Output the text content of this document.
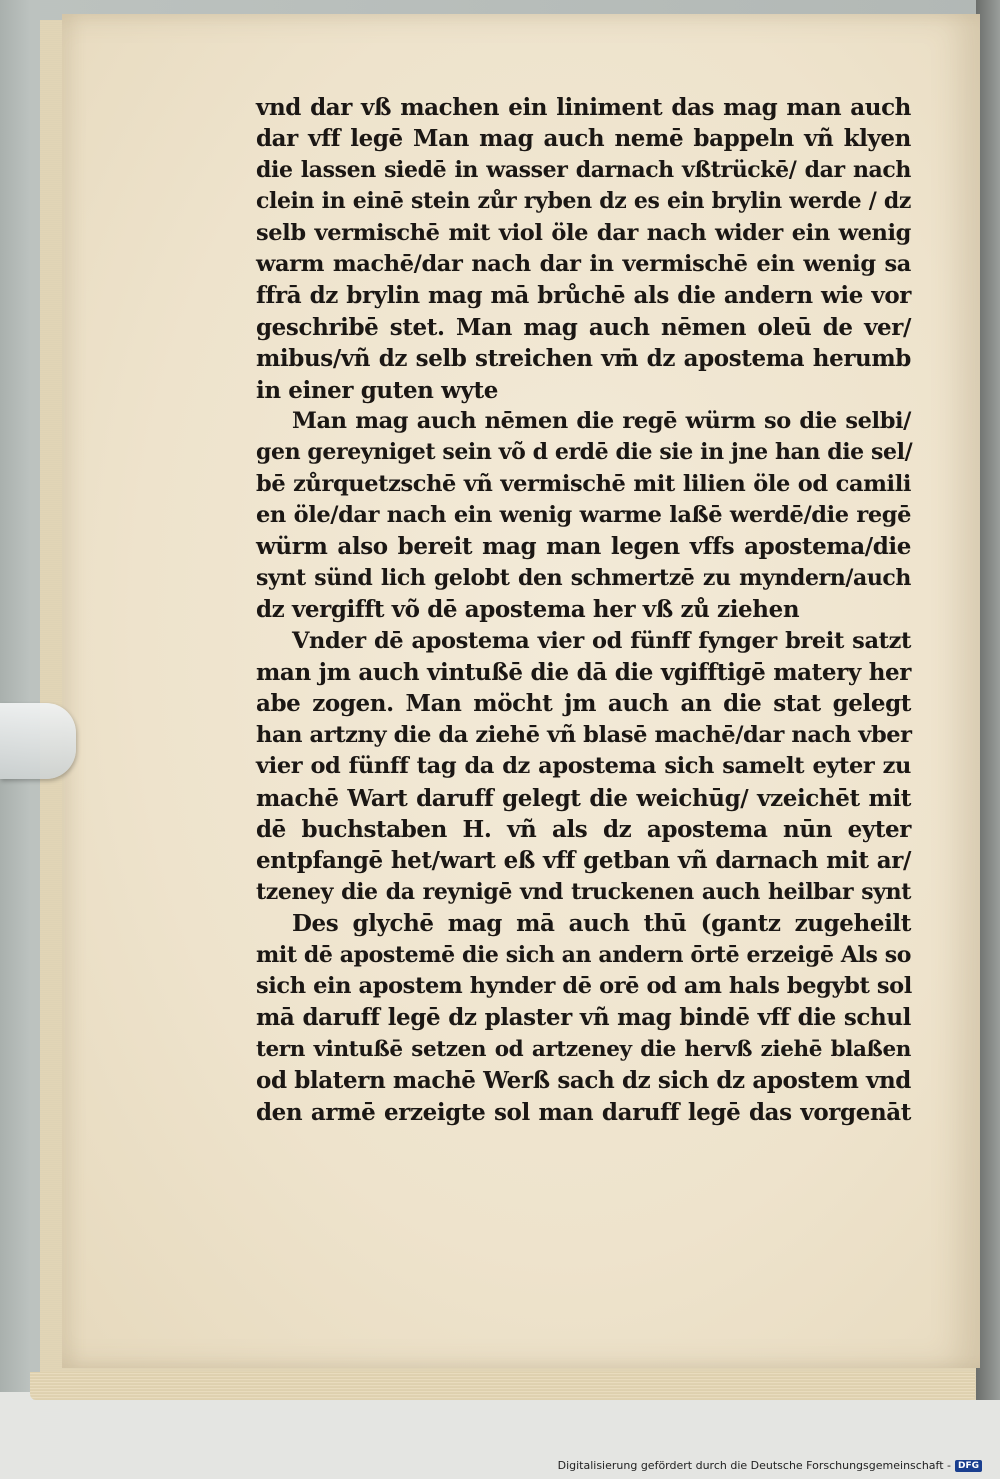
vnd dar vß machen ein liniment das mag man auch
dar vff legē Man mag auch nemē bappeln vñ klyen
die lassen siedē in wasser darnach vßtrückē/ dar nach
clein in einē stein zůr ryben dz es ein brylin werde / dz
selb vermischē mit viol öle dar nach wider ein wenig
warm machē/dar nach dar in vermischē ein wenig sa
ffrā dz brylin mag mā brůchē als die andern wie vor
geschribē stet. Man mag auch nēmen oleū de ver/
mibus/vñ dz selb streichen vm̄ dz apostema herumb
in einer guten wyte
Man mag auch nēmen die regē würm so die selbi/
gen gereyniget sein võ d erdē die sie in jne han die sel/
bē zůrquetzschē vñ vermischē mit lilien öle od camili
en öle/dar nach ein wenig warme laßē werdē/die regē
würm also bereit mag man legen vffs apostema/die
synt sünd lich gelobt den schmertzē zu myndern/auch
dz vergifft võ dē apostema her vß zů ziehen
Vnder dē apostema vier od fünff fynger breit satzt
man jm auch vintußē die dā die vgifftigē matery her
abe zogen. Man möcht jm auch an die stat gelegt
han artzny die da ziehē vñ blasē machē/dar nach vber
vier od fünff tag da dz apostema sich samelt eyter zu
machē Wart daruff gelegt die weichūg/ vzeichēt mit
dē buchstaben H. vñ als dz apostema nūn eyter
entpfangē het/wart eß vff getban vñ darnach mit ar/
tzeney die da reynigē vnd truckenen auch heilbar synt
Des glychē mag mā auch thū (gantz zugeheilt
mit dē apostemē die sich an andern ōrtē erzeigē Als so
sich ein apostem hynder dē orē od am hals begybt sol
mā daruff legē dz plaster vñ mag bindē vff die schul
tern vintußē setzen od artzeney die hervß ziehē blaßen
od blatern machē Werß sach dz sich dz apostem vnd
den armē erzeigte sol man daruff legē das vorgenāt
Digitalisierung gefördert durch die Deutsche Forschungsgemeinschaft - DFG
